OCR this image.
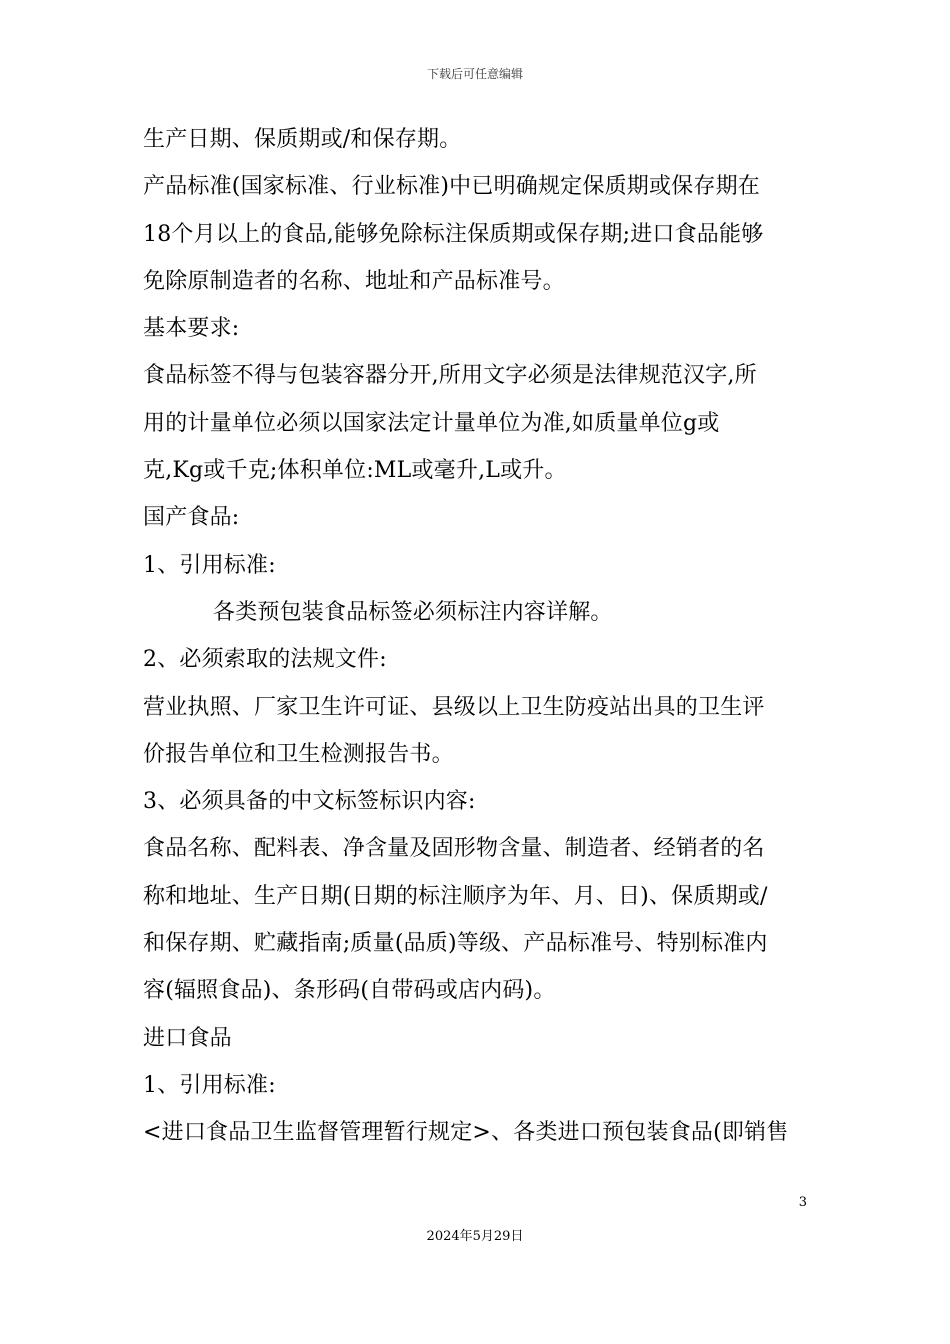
下载后可任意编辑
生产日期、保质期或/和保存期。
产品标准(国家标准、行业标准)中已明确规定保质期或保存期在
18个月以上的食品,能够免除标注保质期或保存期;进口食品能够
免除原制造者的名称、地址和产品标准号。
基本要求:
食品标签不得与包装容器分开,所用文字必须是法律规范汉字,所
用的计量单位必须以国家法定计量单位为准,如质量单位g或
克,Kg或千克;体积单位:ML或毫升,L或升。
国产食品:
1、引用标准:
各类预包装食品标签必须标注内容详解。
2、必须索取的法规文件:
营业执照、厂家卫生许可证、县级以上卫生防疫站出具的卫生评
价报告单位和卫生检测报告书。
3、必须具备的中文标签标识内容:
食品名称、配料表、净含量及固形物含量、制造者、经销者的名
称和地址、生产日期(日期的标注顺序为年、月、日)、保质期或/
和保存期、贮藏指南;质量(品质)等级、产品标准号、特别标准内
容(辐照食品)、条形码(自带码或店内码)。
进口食品
1、引用标准:
<进口食品卫生监督管理暂行规定>、各类进口预包装食品(即销售
3
2024年5月29日
